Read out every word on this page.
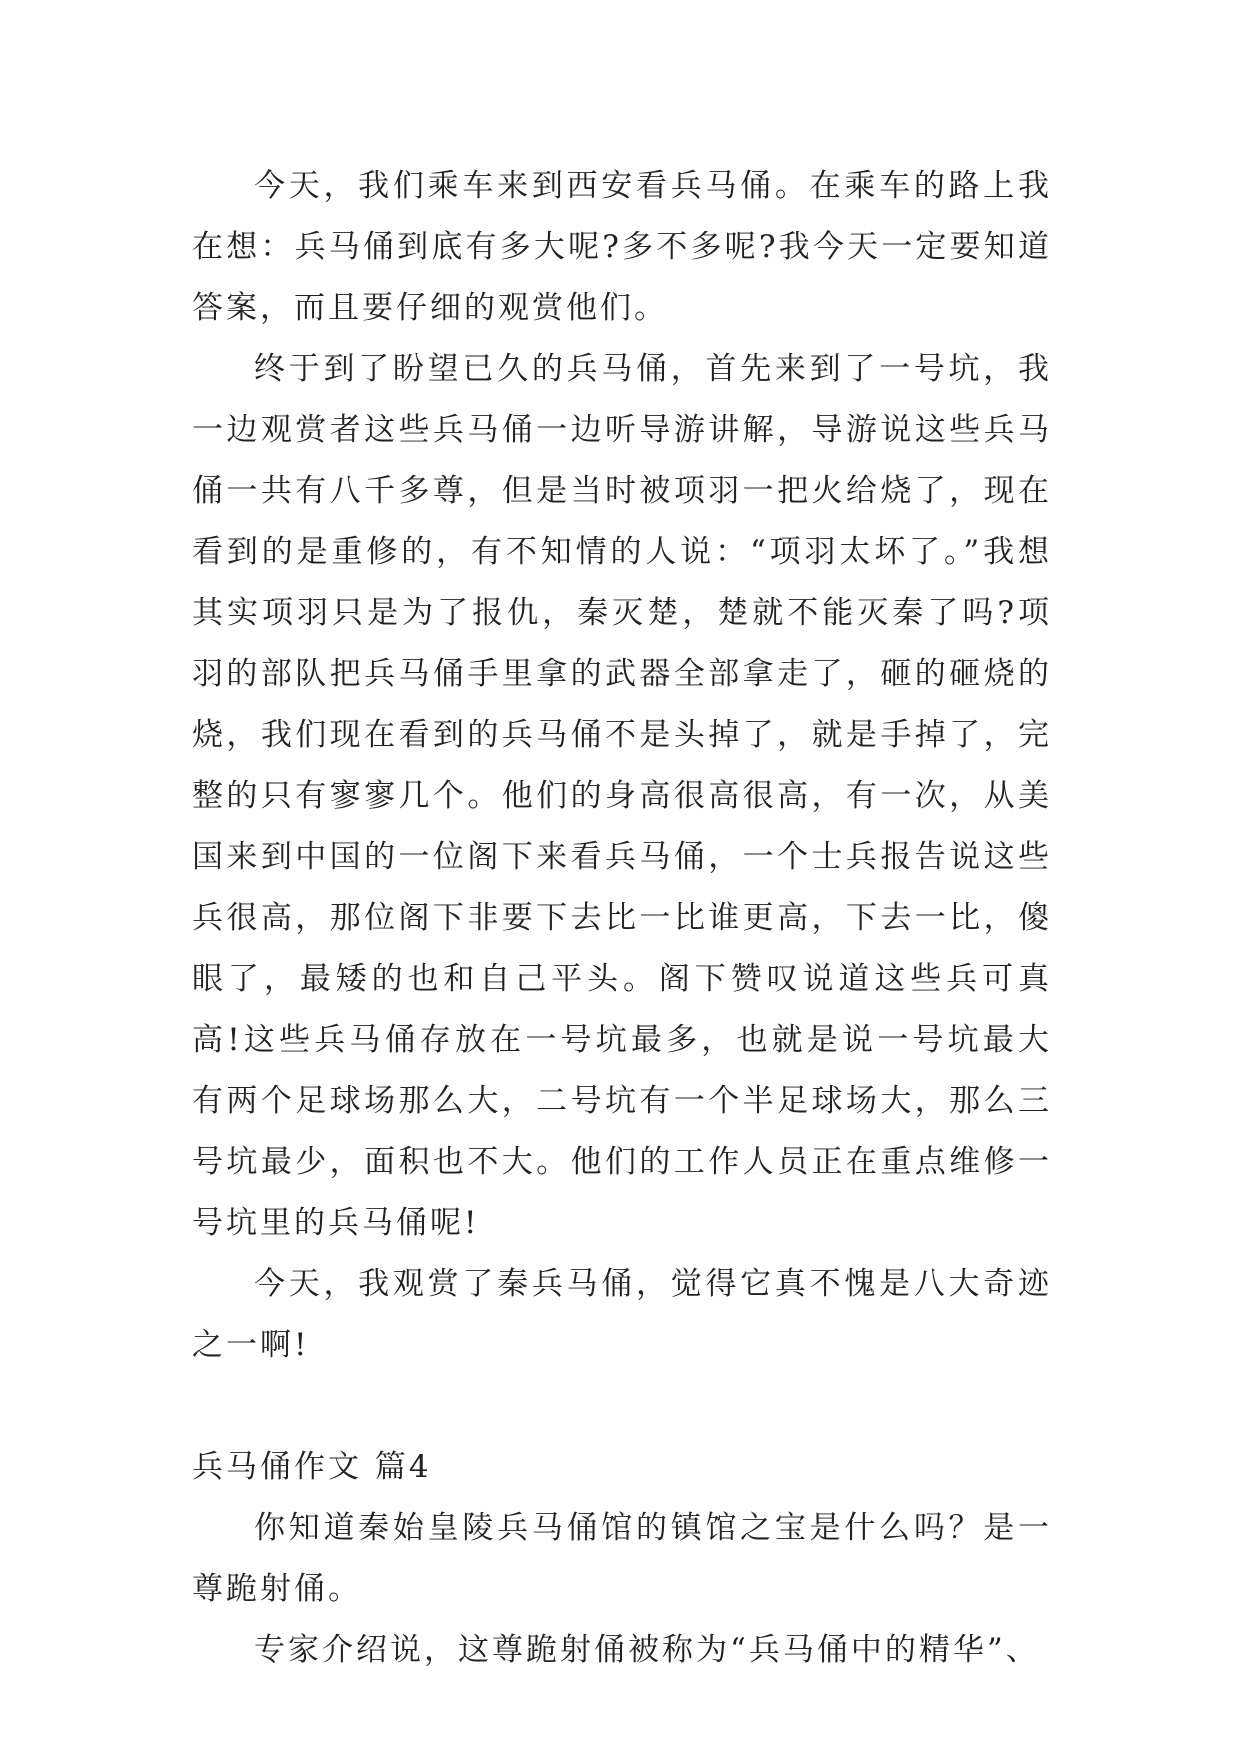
今天，我们乘车来到西安看兵马俑。在乘车的路上我在想：兵马俑到底有多大呢?多不多呢?我今天一定要知道答案，而且要仔细的观赏他们。

终于到了盼望已久的兵马俑，首先来到了一号坑，我一边观赏者这些兵马俑一边听导游讲解，导游说这些兵马俑一共有八千多尊，但是当时被项羽一把火给烧了，现在看到的是重修的，有不知情的人说：“项羽太坏了。”我想其实项羽只是为了报仇，秦灭楚，楚就不能灭秦了吗?项羽的部队把兵马俑手里拿的武器全部拿走了，砸的砸烧的烧，我们现在看到的兵马俑不是头掉了，就是手掉了，完整的只有寥寥几个。他们的身高很高很高，有一次，从美国来到中国的一位阁下来看兵马俑，一个士兵报告说这些兵很高，那位阁下非要下去比一比谁更高，下去一比，傻眼了，最矮的也和自己平头。阁下赞叹说道这些兵可真高!这些兵马俑存放在一号坑最多，也就是说一号坑最大有两个足球场那么大，二号坑有一个半足球场大，那么三号坑最少，面积也不大。他们的工作人员正在重点维修一号坑里的兵马俑呢!

今天，我观赏了秦兵马俑，觉得它真不愧是八大奇迹之一啊!

兵马俑作文 篇4

你知道秦始皇陵兵马俑馆的镇馆之宝是什么吗？是一尊跪射俑。

专家介绍说，这尊跪射俑被称为“兵马俑中的精华”、
